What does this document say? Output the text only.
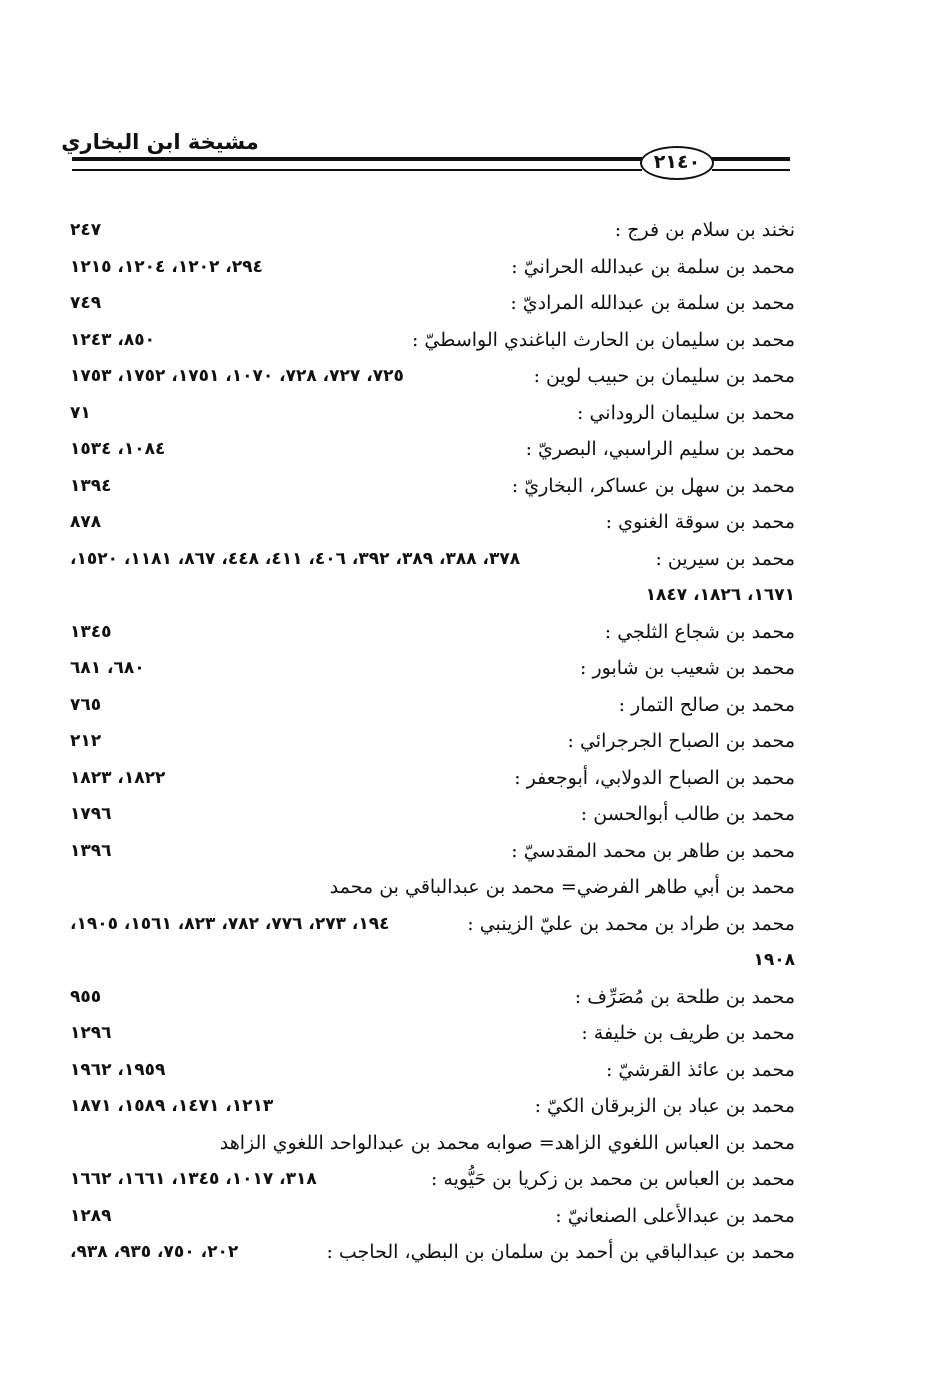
مشيخة ابن البخاري
٢١٤٠
نخند بن سلام بن فرج :
٢٤٧
محمد بن سلمة بن عبدالله الحرانيّ :
٢٩٤، ١٢٠٢، ١٢٠٤، ١٢١٥
محمد بن سلمة بن عبدالله المراديّ :
٧٤٩
محمد بن سليمان بن الحارث الباغندي الواسطيّ :
٨٥٠، ١٢٤٣
محمد بن سليمان بن حبيب لوين :
٧٢٥، ٧٢٧، ٧٢٨، ١٠٧٠، ١٧٥١، ١٧٥٢، ١٧٥٣
محمد بن سليمان الروداني :
٧١
محمد بن سليم الراسبي، البصريّ :
١٠٨٤، ١٥٣٤
محمد بن سهل بن عساكر، البخاريّ :
١٣٩٤
محمد بن سوقة الغنوي :
٨٧٨
محمد بن سيرين :
٣٧٨، ٣٨٨، ٣٨٩، ٣٩٢، ٤٠٦، ٤١١، ٤٤٨، ٨٦٧، ١١٨١، ١٥٢٠،
١٦٧١، ١٨٢٦، ١٨٤٧
محمد بن شجاع الثلجي :
١٣٤٥
محمد بن شعيب بن شابور :
٦٨٠، ٦٨١
محمد بن صالح التمار :
٧٦٥
محمد بن الصباح الجرجرائي :
٢١٢
محمد بن الصباح الدولابي، أبوجعفر :
١٨٢٢، ١٨٢٣
محمد بن طالب أبوالحسن :
١٧٩٦
محمد بن طاهر بن محمد المقدسيّ :
١٣٩٦
محمد بن أبي طاهر الفرضي= محمد بن عبدالباقي بن محمد
محمد بن طراد بن محمد بن عليّ الزينبي :
١٩٤، ٢٧٣، ٧٧٦، ٧٨٢، ٨٢٣، ١٥٦١، ١٩٠٥،
١٩٠٨
محمد بن طلحة بن مُصَرِّف :
٩٥٥
محمد بن طريف بن خليفة :
١٢٩٦
محمد بن عائذ القرشيّ :
١٩٥٩، ١٩٦٢
محمد بن عباد بن الزبرقان الكيّ :
١٢١٣، ١٤٧١، ١٥٨٩، ١٨٧١
محمد بن العباس اللغوي الزاهد= صوابه محمد بن عبدالواحد اللغوي الزاهد
محمد بن العباس بن محمد بن زكريا بن حَيُّويه :
٣١٨، ١٠١٧، ١٣٤٥، ١٦٦١، ١٦٦٢
محمد بن عبدالأعلى الصنعانيّ :
١٢٨٩
محمد بن عبدالباقي بن أحمد بن سلمان بن البطي، الحاجب :
٢٠٢، ٧٥٠، ٩٣٥، ٩٣٨،
